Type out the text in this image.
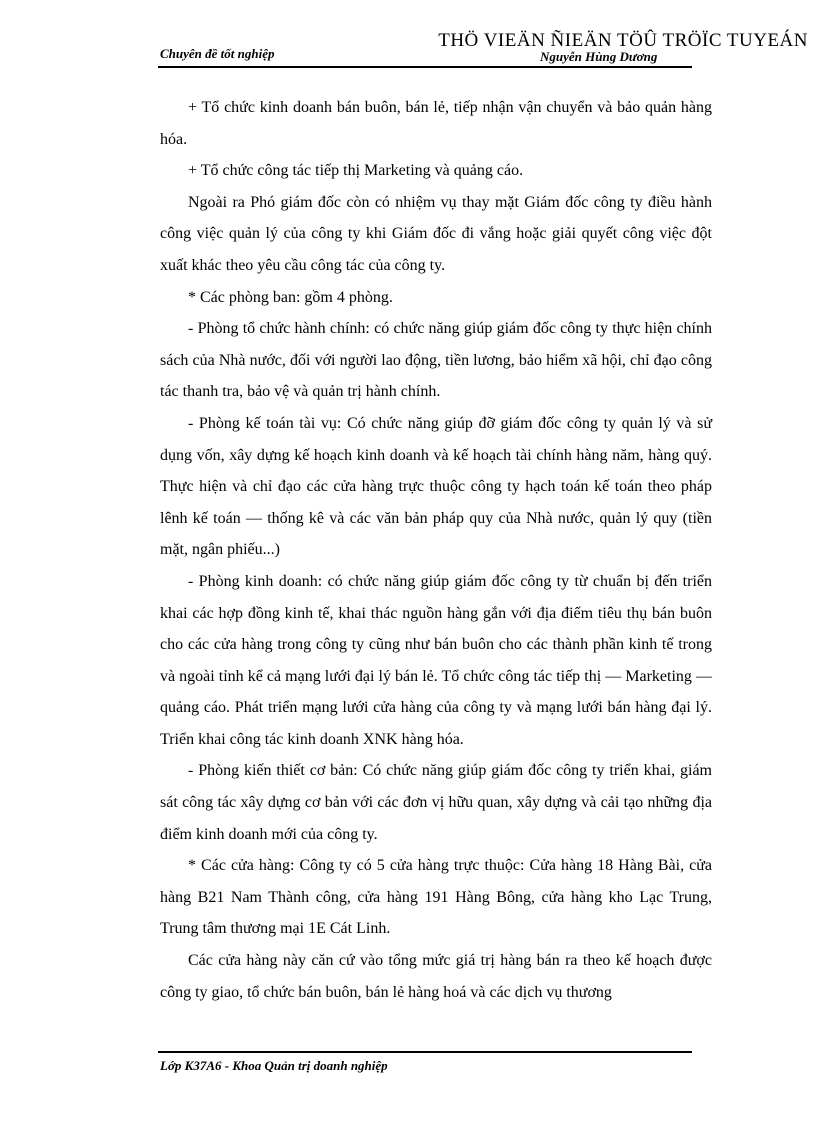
Chuyên đề tốt nghiệp
THÖ VIEÄN ÑIEÄN TÖÛ TRÖÏC TUYEÁN
Nguyễn Hùng Dương

+ Tổ chức kinh doanh bán buôn, bán lẻ, tiếp nhận vận chuyển và bảo quản hàng hóa.

+ Tổ chức công tác tiếp thị Marketing và quảng cáo.

Ngoài ra Phó giám đốc còn có nhiệm vụ thay mặt Giám đốc công ty điều hành công việc quản lý của công ty khi Giám đốc đi vắng hoặc giải quyết công việc đột xuất khác theo yêu cầu công tác của công ty.

* Các phòng ban: gồm 4 phòng.

- Phòng tổ chức hành chính: có chức năng giúp giám đốc công ty thực hiện chính sách của Nhà nước, đối với người lao động, tiền lương, bảo hiểm xã hội, chỉ đạo công tác thanh tra, bảo vệ và quản trị hành chính.

- Phòng kế toán tài vụ: Có chức năng giúp đỡ giám đốc công ty quản lý và sử dụng vốn, xây dựng kế hoạch kinh doanh và kế hoạch tài chính hàng năm, hàng quý. Thực hiện và chỉ đạo các cửa hàng trực thuộc công ty hạch toán kế toán theo pháp lênh kế toán — thống kê và các văn bản pháp quy của Nhà nước, quản lý quy (tiền mặt, ngân phiếu...)

- Phòng kinh doanh: có chức năng giúp giám đốc công ty từ chuẩn bị đến triển khai các hợp đồng kinh tế, khai thác nguồn hàng gắn với địa điểm tiêu thụ bán buôn cho các cửa hàng trong công ty cũng như bán buôn cho các thành phần kinh tế trong và ngoài tỉnh kể cả mạng lưới đại lý bán lẻ. Tổ chức công tác tiếp thị — Marketing — quảng cáo. Phát triển mạng lưới cửa hàng của công ty và mạng lưới bán hàng đại lý. Triển khai công tác kinh doanh XNK hàng hóa.

- Phòng kiến thiết cơ bản: Có chức năng giúp giám đốc công ty triển khai, giám sát công tác xây dựng cơ bản với các đơn vị hữu quan, xây dựng và cải tạo những địa điểm kinh doanh mới của công ty.

* Các cửa hàng: Công ty có 5 cửa hàng trực thuộc: Cửa hàng 18 Hàng Bài, cửa hàng B21 Nam Thành công, cửa hàng 191 Hàng Bông, cửa hàng kho Lạc Trung, Trung tâm thương mại 1E Cát Linh.

Các cửa hàng này căn cứ vào tổng mức giá trị hàng bán ra theo kế hoạch được công ty giao, tổ chức bán buôn, bán lẻ hàng hoá và các dịch vụ thương

Lớp K37A6 - Khoa Quản trị doanh nghiệp
